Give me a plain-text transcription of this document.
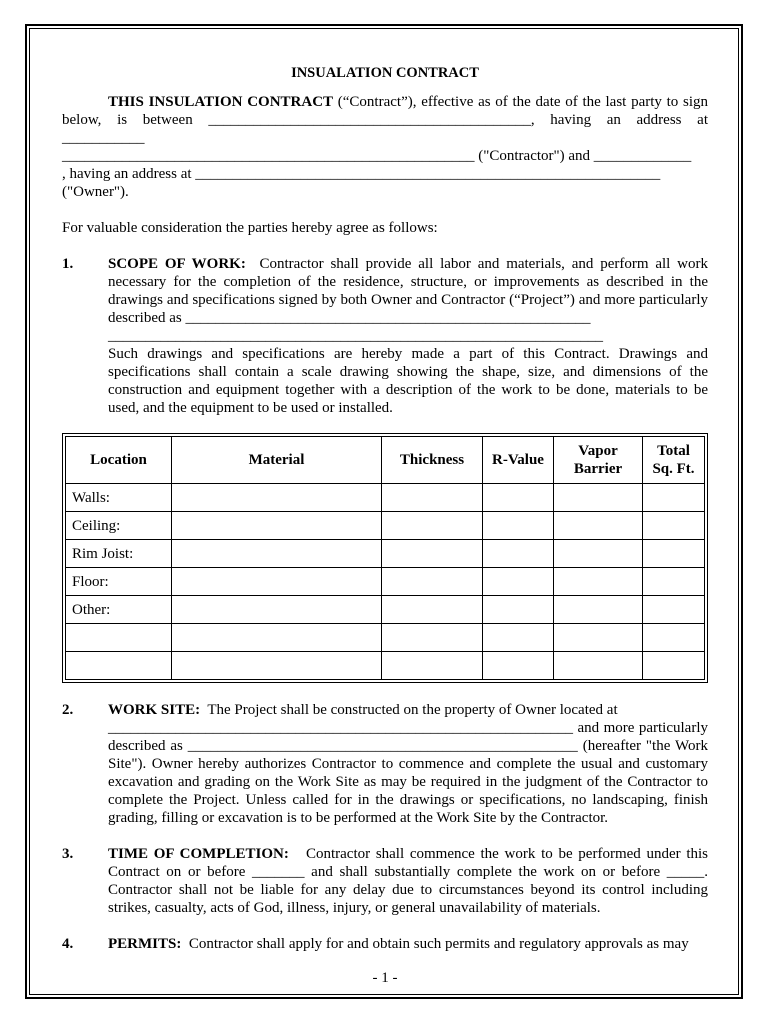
INSUALATION CONTRACT

THIS INSULATION CONTRACT (“Contract”), effective as of the date of the last party to sign below, is between ___________________________________________, having an address at ___________

_______________________________________________________ ("Contractor") and _____________

, having an address at ______________________________________________________________

("Owner").

For valuable consideration the parties hereby agree as follows:

1.	SCOPE OF WORK: Contractor shall provide all labor and materials, and perform all work necessary for the completion of the residence, structure, or improvements as described in the drawings and specifications signed by both Owner and Contractor (“Project”) and more particularly described as ______________________________________________________

__________________________________________________________________

Such drawings and specifications are hereby made a part of this Contract. Drawings and specifications shall contain a scale drawing showing the shape, size, and dimensions of the construction and equipment together with a description of the work to be done, materials to be used, and the equipment to be used or installed.

Location	Material	Thickness	R-Value	Vapor Barrier	Total Sq. Ft.
Walls:					
Ceiling:					
Rim Joist:					
Floor:					
Other:					

2.	WORK SITE: The Project shall be constructed on the property of Owner located at

______________________________________________________________ and more particularly described as ____________________________________________________ (hereafter "the Work Site"). Owner hereby authorizes Contractor to commence and complete the usual and customary excavation and grading on the Work Site as may be required in the judgment of the Contractor to complete the Project. Unless called for in the drawings or specifications, no landscaping, finish grading, filling or excavation is to be performed at the Work Site by the Contractor.

3.	TIME OF COMPLETION: Contractor shall commence the work to be performed under this Contract on or before _______ and shall substantially complete the work on or before _____. Contractor shall not be liable for any delay due to circumstances beyond its control including strikes, casualty, acts of God, illness, injury, or general unavailability of materials.

4.	PERMITS: Contractor shall apply for and obtain such permits and regulatory approvals as may

- 1 -
